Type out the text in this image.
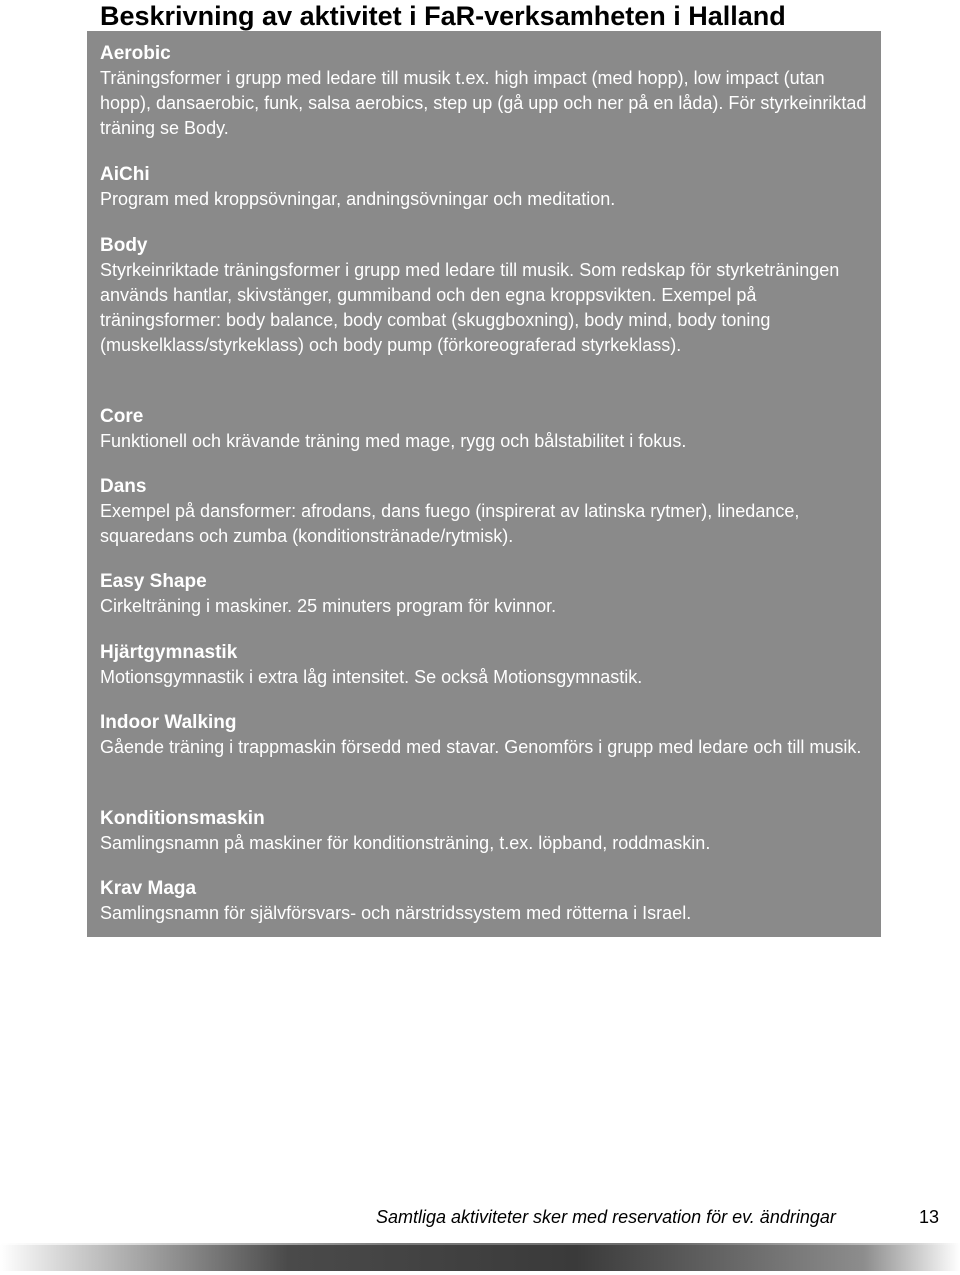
Beskrivning av aktivitet i FaR-verksamheten i Halland
Aerobic
Träningsformer i grupp med ledare till musik t.ex. high impact (med hopp), low impact (utan hopp), dansaerobic, funk, salsa aerobics, step up (gå upp och ner på en låda). För styrkeinriktad träning se Body.
AiChi
Program med kroppsövningar, andningsövningar och meditation.
Body
Styrkeinriktade träningsformer i grupp med ledare till musik. Som redskap för styrketräningen används hantlar, skivstänger, gummiband och den egna kroppsvikten. Exempel på träningsformer: body balance, body combat (skuggboxning), body mind, body toning (muskelklass/styrkeklass) och body pump (förkoreograferad styrkeklass).
Core
Funktionell och krävande träning med mage, rygg och bålstabilitet i fokus.
Dans
Exempel på dansformer: afrodans, dans fuego (inspirerat av latinska rytmer), linedance, squaredans och zumba (konditionstränade/rytmisk).
Easy Shape
Cirkelträning i maskiner. 25 minuters program för kvinnor.
Hjärtgymnastik
Motionsgymnastik i extra låg intensitet. Se också Motionsgymnastik.
Indoor Walking
Gående träning i trappmaskin försedd med stavar. Genomförs i grupp med ledare och till musik.
Konditionsmaskin
Samlingsnamn på maskiner för konditionsträning, t.ex. löpband, roddmaskin.
Krav Maga
Samlingsnamn för självförsvars- och närstridssystem med rötterna i Israel.
Samtliga aktiviteter sker med reservation för ev. ändringar	13
